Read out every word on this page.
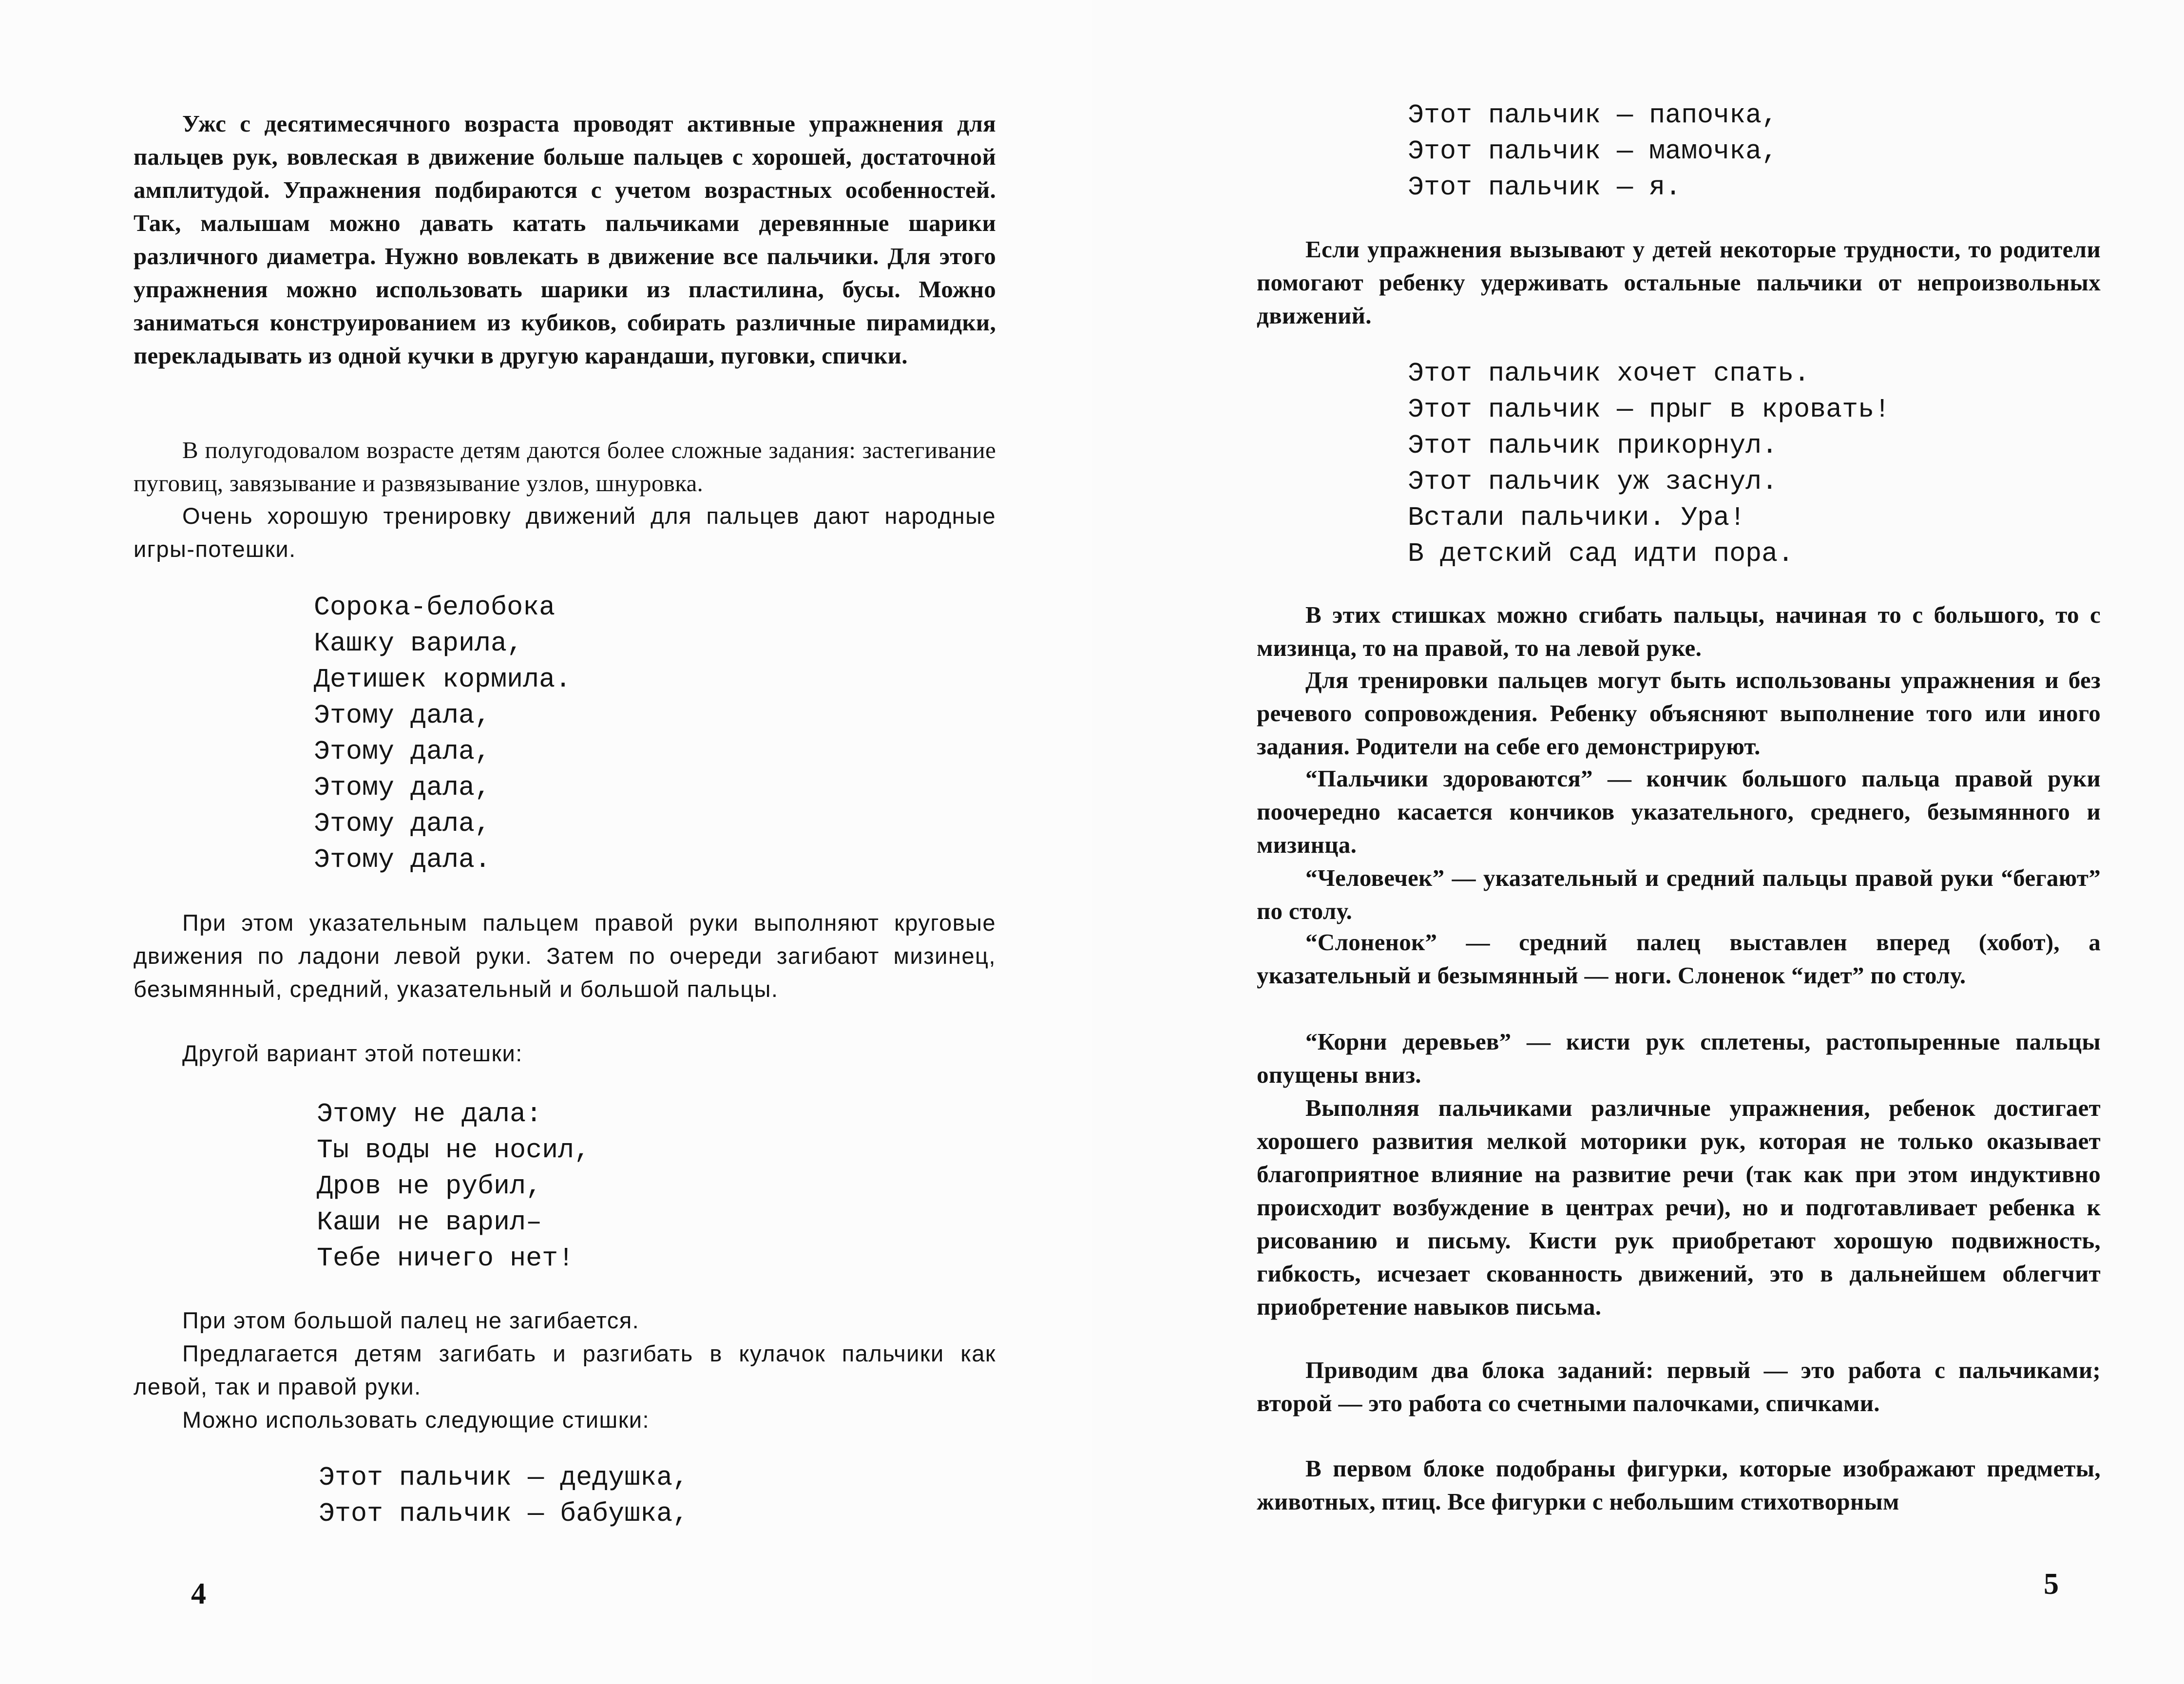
Ужс с десятимесячного возраста проводят активные упражнения для пальцев рук, вовлеская в движение больше пальцев с хорошей, достаточной амплитудой. Упражнения подбираются с учетом возрастных особенностей. Так, малышам можно давать катать пальчиками деревянные шарики различного диаметра. Нужно вовлекать в движение все пальчики. Для этого упражнения можно использовать шарики из пластилина, бусы. Можно заниматься конструированием из кубиков, собирать различные пирамидки, перекладывать из одной кучки в другую карандаши, пуговки, спички.

В полугодовалом возрасте детям даются более сложные задания: застегивание пуговиц, завязывание и развязывание узлов, шнуровка.

Очень хорошую тренировку движений для пальцев дают народные игры-потешки.

Сорока-белобока
Кашку варила,
Детишек кормила.
Этому дала,
Этому дала,
Этому дала,
Этому дала,
Этому дала.

При этом указательным пальцем правой руки выполняют круговые движения по ладони левой руки. Затем по очереди загибают мизинец, безымянный, средний, указательный и большой пальцы.

Другой вариант этой потешки:

Этому не дала:
Ты воды не носил,
Дров не рубил,
Каши не варил–
Тебе ничего нет!

При этом большой палец не загибается.

Предлагается детям загибать и разгибать в кулачок пальчики как левой, так и правой руки.

Можно использовать следующие стишки:

Этот пальчик — дедушка,
Этот пальчик — бабушка,
4
Этот пальчик — папочка,
Этот пальчик — мамочка,
Этот пальчик — я.

Если упражнения вызывают у детей некоторые трудности, то родители помогают ребенку удерживать остальные пальчики от непроизвольных движений.

Этот пальчик хочет спать.
Этот пальчик — прыг в кровать!
Этот пальчик прикорнул.
Этот пальчик уж заснул.
Встали пальчики. Ура!
В детский сад идти пора.

В этих стишках можно сгибать пальцы, начиная то с большого, то с мизинца, то на правой, то на левой руке.

Для тренировки пальцев могут быть использованы упражнения и без речевого сопровождения. Ребенку объясняют выполнение того или иного задания. Родители на себе его демонстрируют.

“Пальчики здороваются” — кончик большого пальца правой руки поочередно касается кончиков указательного, среднего, безымянного и мизинца.

“Человечек” — указательный и средний пальцы правой руки “бегают” по столу.

“Слоненок” — средний палец выставлен вперед (хобот), а указательный и безымянный — ноги. Слоненок “идет” по столу.

“Корни деревьев” — кисти рук сплетены, растопыренные пальцы опущены вниз.

Выполняя пальчиками различные упражнения, ребенок достигает хорошего развития мелкой моторики рук, которая не только оказывает благоприятное влияние на развитие речи (так как при этом индуктивно происходит возбуждение в центрах речи), но и подготавливает ребенка к рисованию и письму. Кисти рук приобретают хорошую подвижность, гибкость, исчезает скованность движений, это в дальнейшем облегчит приобретение навыков письма.

Приводим два блока заданий: первый — это работа с пальчиками; второй — это работа со счетными палочками, спичками.

В первом блоке подобраны фигурки, которые изображают предметы, животных, птиц. Все фигурки с небольшим стихотворным

5
